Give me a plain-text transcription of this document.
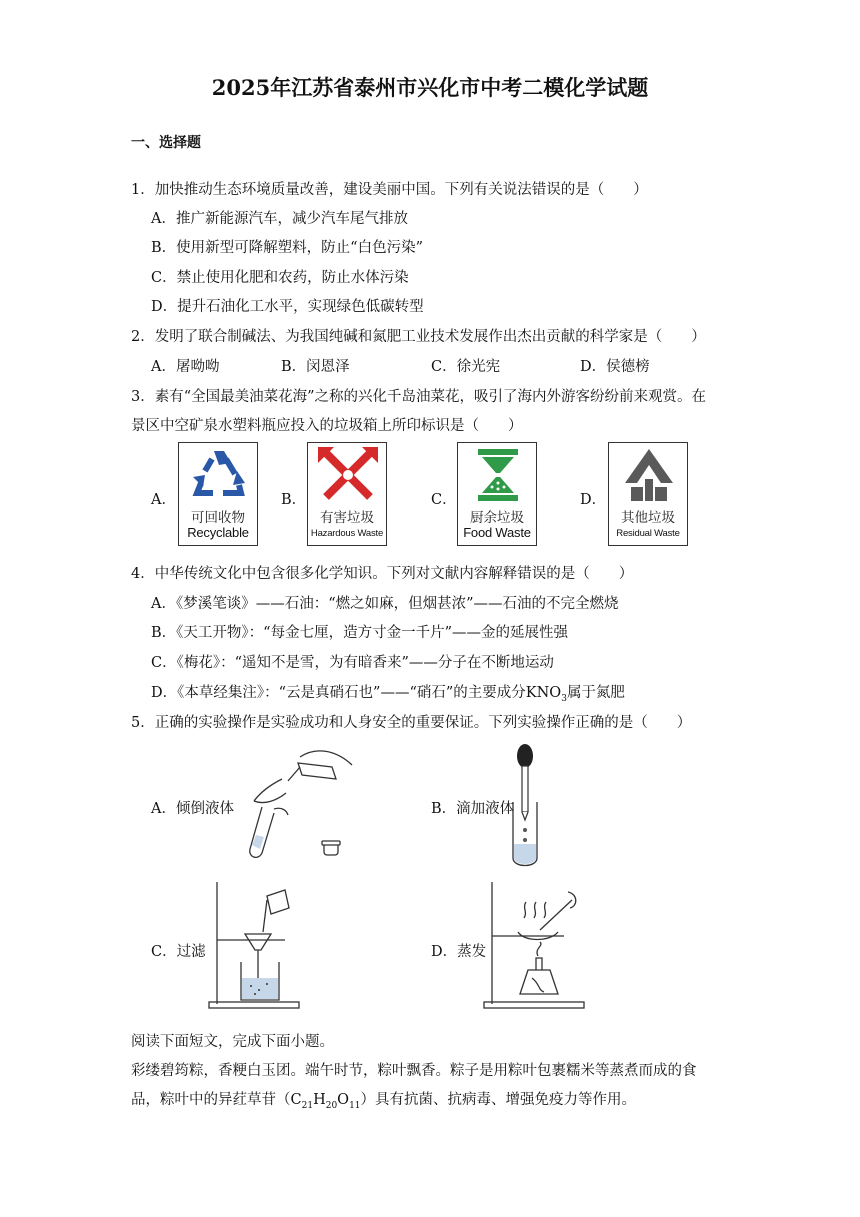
2025年江苏省泰州市兴化市中考二模化学试题
一、选择题
1．加快推动生态环境质量改善，建设美丽中国。下列有关说法错误的是（　　）
A．推广新能源汽车，减少汽车尾气排放
B．使用新型可降解塑料，防止“白色污染”
C．禁止使用化肥和农药，防止水体污染
D．提升石油化工水平，实现绿色低碳转型
2．发明了联合制碱法、为我国纯碱和氮肥工业技术发展作出杰出贡献的科学家是（　　）
A．屠呦呦	B．闵恩泽	C．徐光宪	D．侯德榜
3．素有“全国最美油菜花海”之称的兴化千岛油菜花，吸引了海内外游客纷纷前来观赏。在
景区中空矿泉水塑料瓶应投入的垃圾箱上所印标识是（　　）
A．
可回收物
Recyclable
B．
有害垃圾
Hazardous Waste
C．
厨余垃圾
Food Waste
D．
其他垃圾
Residual Waste
4．中华传统文化中包含很多化学知识。下列对文献内容解释错误的是（　　）
A．《梦溪笔谈》——石油：“燃之如麻，但烟甚浓”——石油的不完全燃烧
B．《天工开物》：“每金七厘，造方寸金一千片”——金的延展性强
C．《梅花》：“遥知不是雪，为有暗香来”——分子在不断地运动
D．《本草经集注》：“云是真硝石也”——“硝石”的主要成分$KNO_3$属于氮肥
5．正确的实验操作是实验成功和人身安全的重要保证。下列实验操作正确的是（　　）
A．倾倒液体	B．滴加液体
C．过滤	D．蒸发
阅读下面短文，完成下面小题。
彩缕碧筠粽，香粳白玉团。端午时节，粽叶飘香。粽子是用粽叶包裹糯米等蒸煮而成的食
品，粽叶中的异荭草苷$(C_{21}H_{20}O_{11})$具有抗菌、抗病毒、增强免疫力等作用。
